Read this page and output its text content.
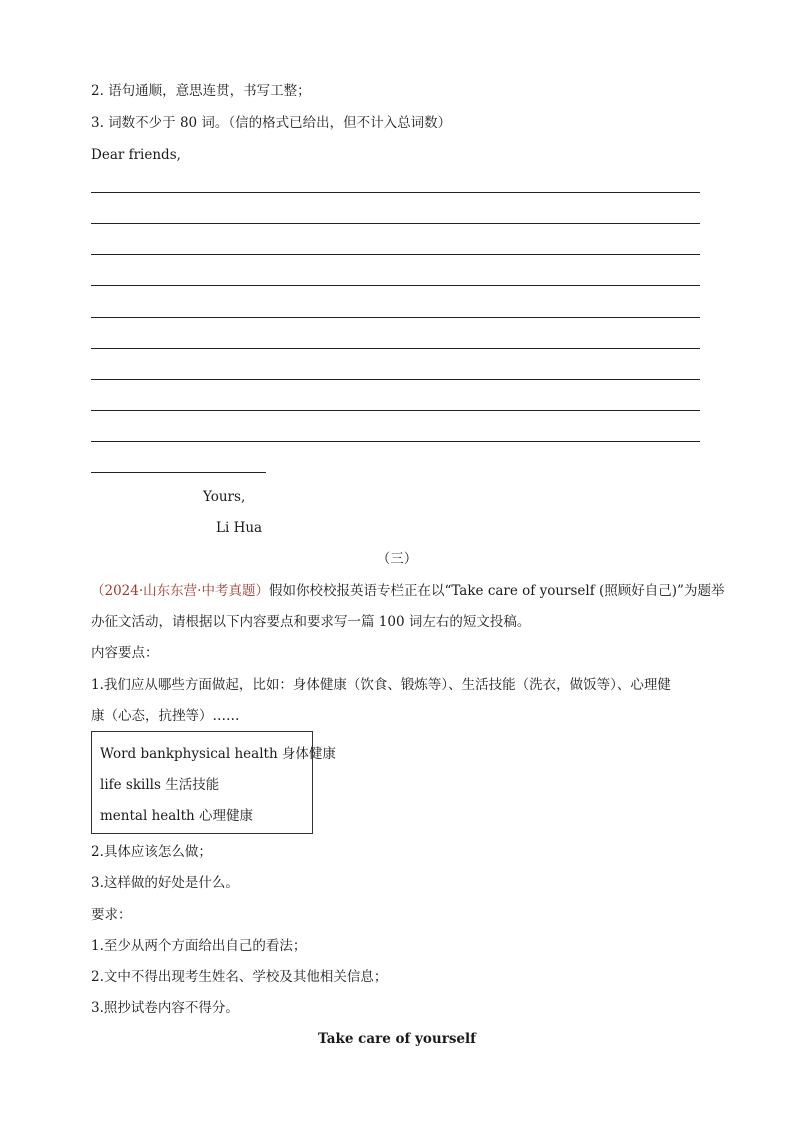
2. 语句通顺，意思连贯，书写工整；
3. 词数不少于 80 词。（信的格式已给出，但不计入总词数）
Dear friends,
Yours,
Li Hua
（三）
（2024·山东东营·中考真题）假如你校校报英语专栏正在以“Take care of yourself (照顾好自己)”为题举
办征文活动，请根据以下内容要点和要求写一篇 100 词左右的短文投稿。
内容要点：
1.我们应从哪些方面做起，比如：身体健康（饮食、锻炼等）、生活技能（洗衣，做饭等）、心理健
康（心态，抗挫等）……
Word bankphysical health 身体健康
life skills 生活技能
mental health 心理健康
2.具体应该怎么做；
3.这样做的好处是什么。
要求：
1.至少从两个方面给出自己的看法；
2.文中不得出现考生姓名、学校及其他相关信息；
3.照抄试卷内容不得分。
Take care of yourself
